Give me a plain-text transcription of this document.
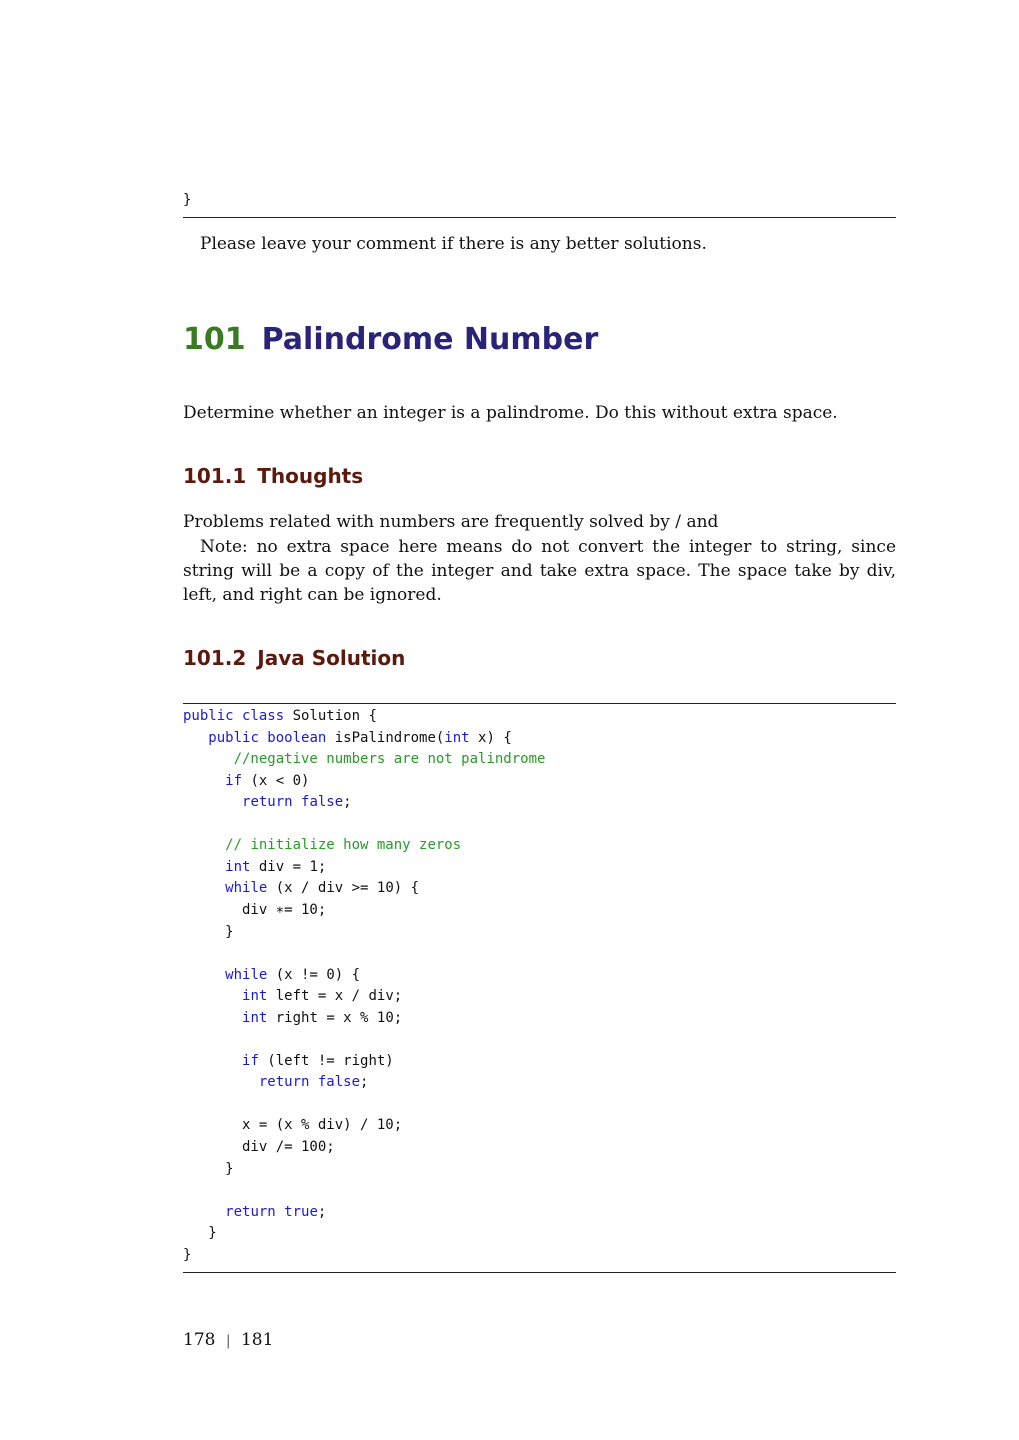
}
Please leave your comment if there is any better solutions.
101 Palindrome Number
Determine whether an integer is a palindrome. Do this without extra space.
101.1 Thoughts
Problems related with numbers are frequently solved by / and
Note: no extra space here means do not convert the integer to string, since string will be a copy of the integer and take extra space. The space take by div, left, and right can be ignored.
101.2 Java Solution
public class Solution {
public boolean isPalindrome(int x) {
//negative numbers are not palindrome
if (x < 0)
return false;
// initialize how many zeros
int div = 1;
while (x / div >= 10) {
div ∗= 10;
}
while (x != 0) {
int left = x / div;
int right = x % 10;
if (left != right)
return false;
x = (x % div) / 10;
div /= 100;
}
return true;
}
}
178 | 181
